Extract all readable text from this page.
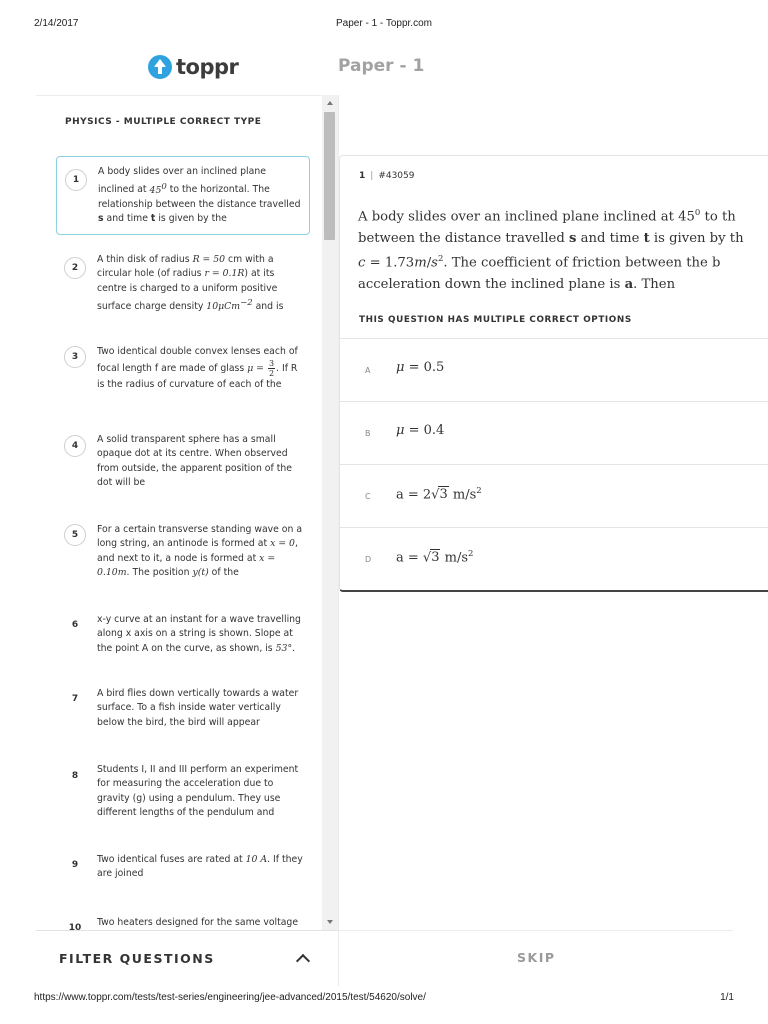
2/14/2017	Paper - 1 - Toppr.com
toppr	Paper - 1
PHYSICS - MULTIPLE CORRECT TYPE
1
A body slides over an inclined plane inclined at $45^0$ to the horizontal. The relationship between the distance travelled s and time t is given by the
2
A thin disk of radius R = 50 cm with a circular hole (of radius r = 0.1R) at its centre is charged to a uniform positive surface charge density 10μCm$^{-2}$ and is
3	Two identical double convex lenses each of focal length f are made of glass $\mu = \frac{3}{2}$ . If R is the radius of curvature of each of the
4
A solid transparent sphere has a small opaque dot at its centre. When observed from outside, the apparent position of the dot will be
5	For a certain transverse standing wave on a long string, an antinode is formed at x = 0, and next to it, a node is formed at x = 0.10m. The position y(t) of the
6	x-y curve at an instant for a wave travelling along x axis on a string is shown. Slope at the point A on the curve, as shown, is 53°.
7	A bird flies down vertically towards a water surface. To a fish inside water vertically below the bird, the bird will appear
8
Students I, II and III perform an experiment for measuring the acceleration due to gravity (g) using a pendulum. They use different lengths of the pendulum and
9	Two identical fuses are rated at 10 A. If they are joined
10	Two heaters designed for the same voltage
FILTER QUESTIONS	SKIP
1 | #43059
A body slides over an inclined plane inclined at $45^0$ to th
between the distance travelled s and time t is given by th
$c = 1.73m/s^2$. The coefficient of friction between the b
acceleration down the inclined plane is a. Then
THIS QUESTION HAS MULTIPLE CORRECT OPTIONS
A μ = 0.5
B μ = 0.4
C a = 2√3 $m/s^2$
D a = √3 $m/s^2$
https://www.toppr.com/tests/test-series/engineering/jee-advanced/2015/test/54620/solve/	1/1
